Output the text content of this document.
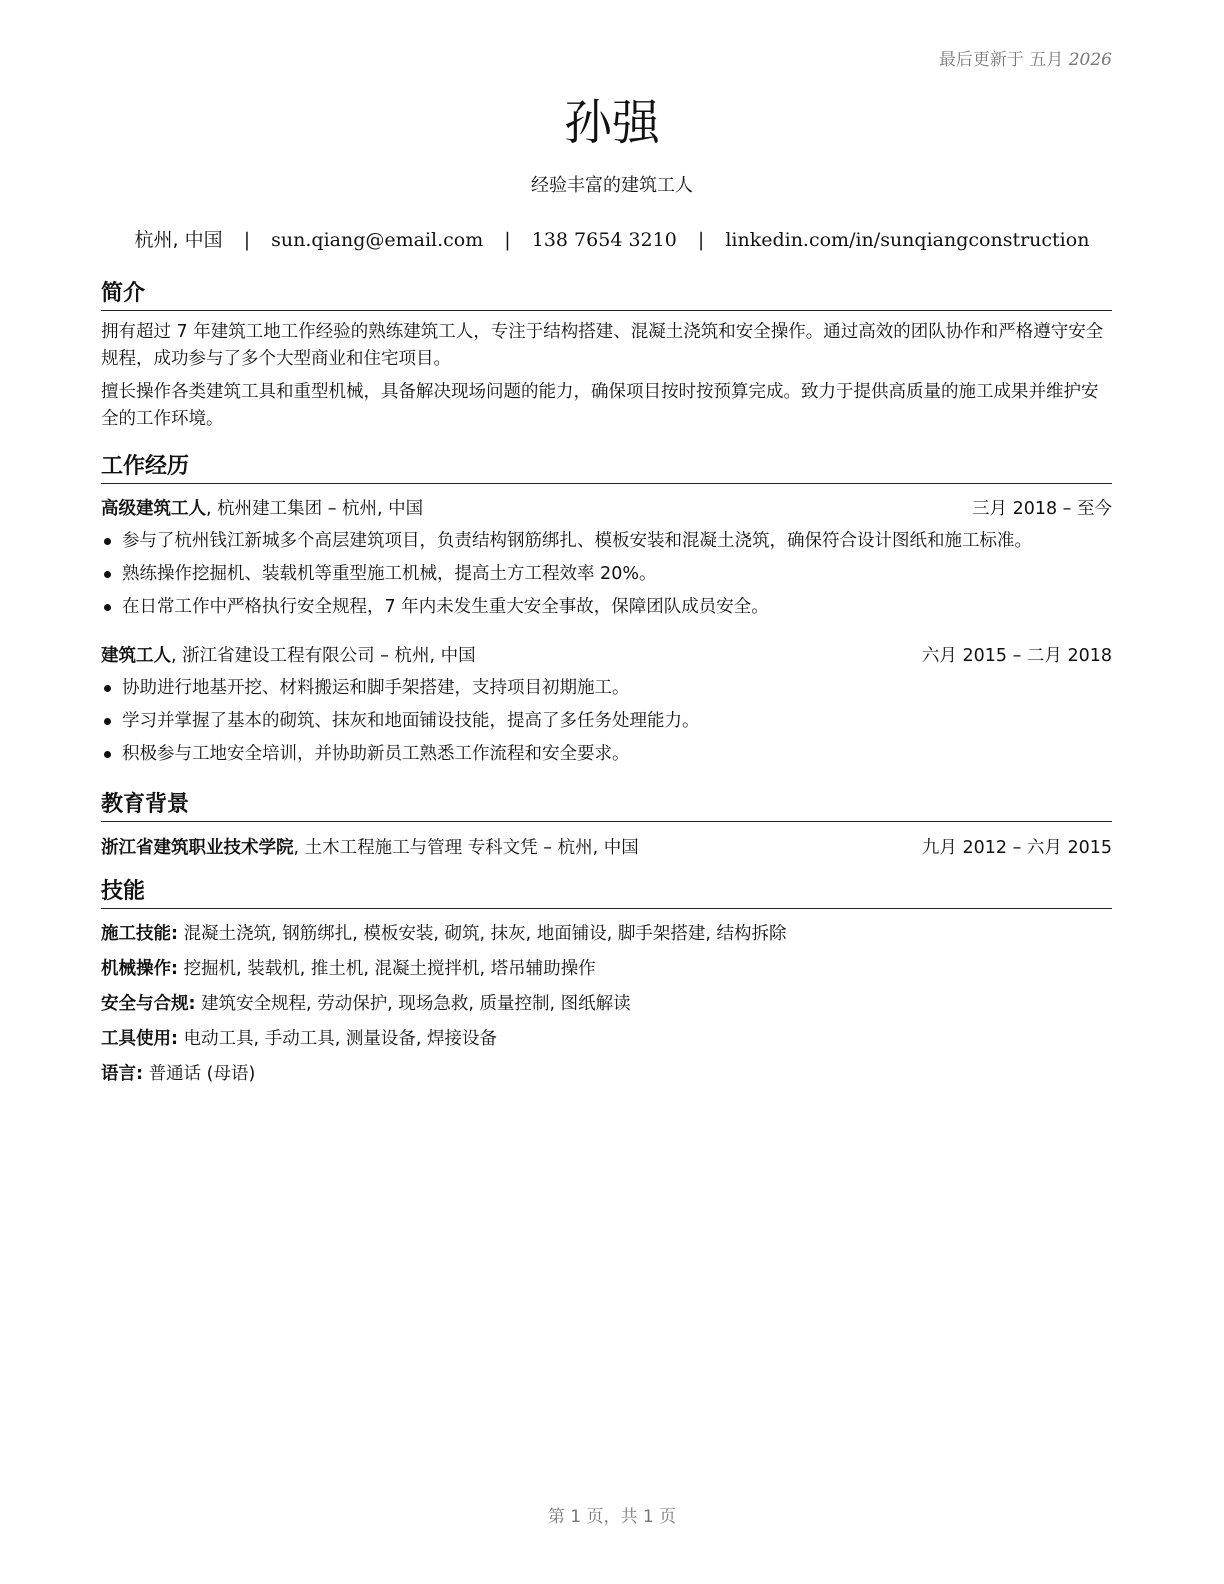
最后更新于 五月 2026
孙强
经验丰富的建筑工人
杭州, 中国 | sun.qiang@email.com | 138 7654 3210 | linkedin.com/in/sunqiangconstruction
简介
拥有超过 7 年建筑工地工作经验的熟练建筑工人，专注于结构搭建、混凝土浇筑和安全操作。通过高效的团队协作和严格遵守安全规程，成功参与了多个大型商业和住宅项目。
擅长操作各类建筑工具和重型机械，具备解决现场问题的能力，确保项目按时按预算完成。致力于提供高质量的施工成果并维护安全的工作环境。
工作经历
高级建筑工人, 杭州建工集团 – 杭州, 中国	三月 2018 – 至今
参与了杭州钱江新城多个高层建筑项目，负责结构钢筋绑扎、模板安装和混凝土浇筑，确保符合设计图纸和施工标准。
熟练操作挖掘机、装载机等重型施工机械，提高土方工程效率 20%。
在日常工作中严格执行安全规程，7 年内未发生重大安全事故，保障团队成员安全。
建筑工人, 浙江省建设工程有限公司 – 杭州, 中国	六月 2015 – 二月 2018
协助进行地基开挖、材料搬运和脚手架搭建，支持项目初期施工。
学习并掌握了基本的砌筑、抹灰和地面铺设技能，提高了多任务处理能力。
积极参与工地安全培训，并协助新员工熟悉工作流程和安全要求。
教育背景
浙江省建筑职业技术学院, 土木工程施工与管理 专科文凭 – 杭州, 中国	九月 2012 – 六月 2015
技能
施工技能: 混凝土浇筑, 钢筋绑扎, 模板安装, 砌筑, 抹灰, 地面铺设, 脚手架搭建, 结构拆除
机械操作: 挖掘机, 装载机, 推土机, 混凝土搅拌机, 塔吊辅助操作
安全与合规: 建筑安全规程, 劳动保护, 现场急救, 质量控制, 图纸解读
工具使用: 电动工具, 手动工具, 测量设备, 焊接设备
语言: 普通话 (母语)
第 1 页，共 1 页
